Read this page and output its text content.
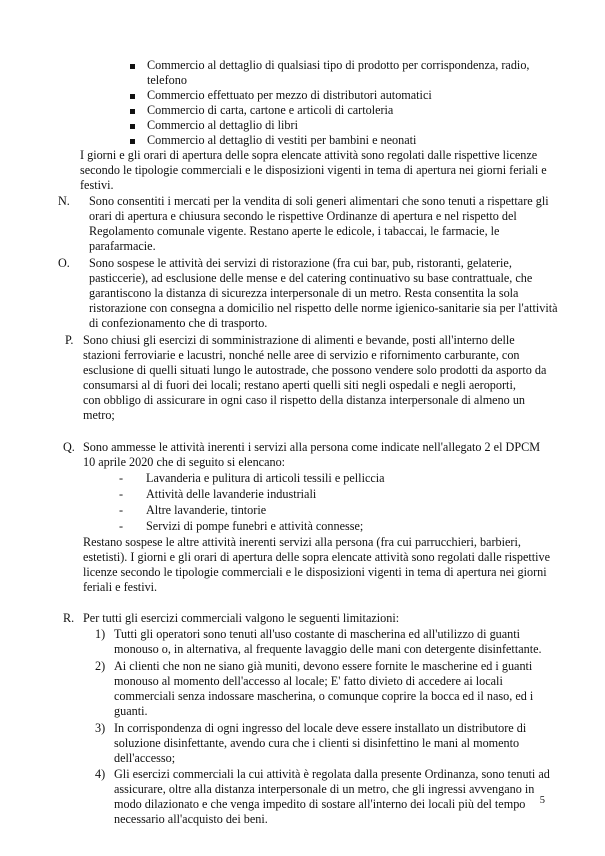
Commercio al dettaglio di qualsiasi tipo di prodotto per corrispondenza, radio,
telefono
Commercio effettuato per mezzo di distributori automatici
Commercio di carta, cartone e articoli di cartoleria
Commercio al dettaglio di libri
Commercio al dettaglio di vestiti per bambini e neonati
I giorni e gli orari di apertura delle sopra elencate attività sono regolati dalle rispettive licenze
secondo le tipologie commerciali e le disposizioni vigenti in tema di apertura nei giorni feriali e
festivi.
N. Sono consentiti i mercati per la vendita di soli generi alimentari che sono tenuti a rispettare gli
orari di apertura e chiusura secondo le rispettive Ordinanze di apertura e nel rispetto del
Regolamento comunale vigente. Restano aperte le edicole, i tabaccai, le farmacie, le
parafarmacie.
O. Sono sospese le attività dei servizi di ristorazione (fra cui bar, pub, ristoranti, gelaterie,
pasticcerie), ad esclusione delle mense e del catering continuativo su base contrattuale, che
garantiscono la distanza di sicurezza interpersonale di un metro. Resta consentita la sola
ristorazione con consegna a domicilio nel rispetto delle norme igienico-sanitarie sia per l'attività
di confezionamento che di trasporto.
P. Sono chiusi gli esercizi di somministrazione di alimenti e bevande, posti all'interno delle
stazioni ferroviarie e lacustri, nonché nelle aree di servizio e rifornimento carburante, con
esclusione di quelli situati lungo le autostrade, che possono vendere solo prodotti da asporto da
consumarsi al di fuori dei locali; restano aperti quelli siti negli ospedali e negli aeroporti,
con obbligo di assicurare in ogni caso il rispetto della distanza interpersonale di almeno un
metro;
Q. Sono ammesse le attività inerenti i servizi alla persona come indicate nell'allegato 2 el DPCM
10 aprile 2020 che di seguito si elencano:
- Lavanderia e pulitura di articoli tessili e pelliccia
- Attività delle lavanderie industriali
- Altre lavanderie, tintorie
- Servizi di pompe funebri e attività connesse;
Restano sospese le altre attività inerenti servizi alla persona (fra cui parrucchieri, barbieri,
estetisti). I giorni e gli orari di apertura delle sopra elencate attività sono regolati dalle rispettive
licenze secondo le tipologie commerciali e le disposizioni vigenti in tema di apertura nei giorni
feriali e festivi.
R. Per tutti gli esercizi commerciali valgono le seguenti limitazioni:
1) Tutti gli operatori sono tenuti all'uso costante di mascherina ed all'utilizzo di guanti
monouso o, in alternativa, al frequente lavaggio delle mani con detergente disinfettante.
2) Ai clienti che non ne siano già muniti, devono essere fornite le mascherine ed i guanti
monouso al momento dell'accesso al locale; E' fatto divieto di accedere ai locali
commerciali senza indossare mascherina, o comunque coprire la bocca ed il naso, ed i
guanti.
3) In corrispondenza di ogni ingresso del locale deve essere installato un distributore di
soluzione disinfettante, avendo cura che i clienti si disinfettino le mani al momento
dell'accesso;
4) Gli esercizi commerciali la cui attività è regolata dalla presente Ordinanza, sono tenuti ad
assicurare, oltre alla distanza interpersonale di un metro, che gli ingressi avvengano in
modo dilazionato e che venga impedito di sostare all'interno dei locali più del tempo
necessario all'acquisto dei beni.
5
